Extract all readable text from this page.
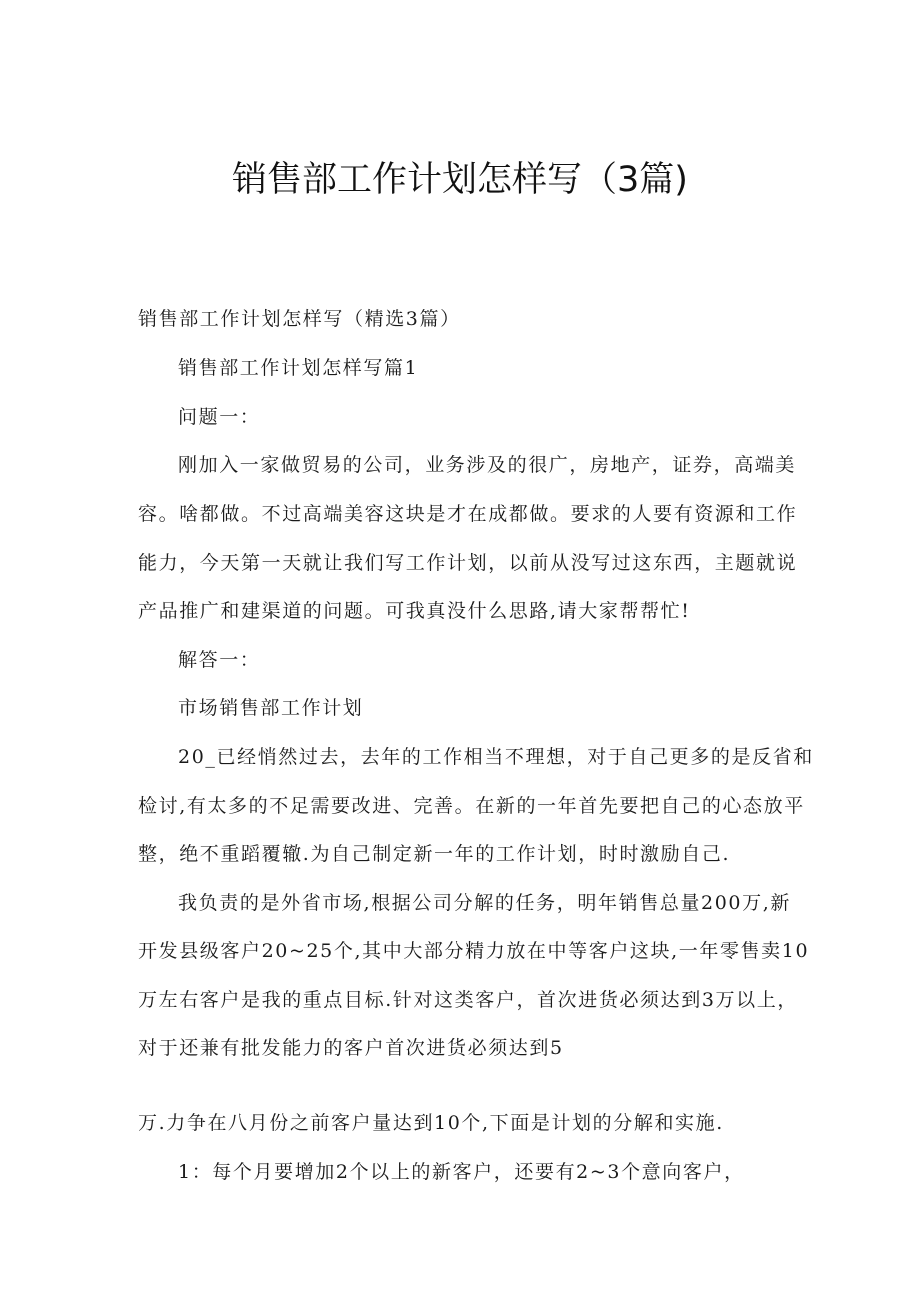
销售部工作计划怎样写（3篇)

销售部工作计划怎样写（精选3篇）

销售部工作计划怎样写篇1

问题一：

刚加入一家做贸易的公司，业务涉及的很广，房地产，证券，高端美

容。啥都做。不过高端美容这块是才在成都做。要求的人要有资源和工作

能力，今天第一天就让我们写工作计划，以前从没写过这东西，主题就说

产品推广和建渠道的问题。可我真没什么思路,请大家帮帮忙!

解答一：

市场销售部工作计划

20_已经悄然过去，去年的工作相当不理想，对于自己更多的是反省和

检讨,有太多的不足需要改进、完善。在新的一年首先要把自己的心态放平

整，绝不重蹈覆辙.为自己制定新一年的工作计划，时时激励自己.

我负责的是外省市场,根据公司分解的任务，明年销售总量200万,新

开发县级客户20~25个,其中大部分精力放在中等客户这块,一年零售卖10

万左右客户是我的重点目标.针对这类客户，首次进货必须达到3万以上，

对于还兼有批发能力的客户首次进货必须达到5

万.力争在八月份之前客户量达到10个,下面是计划的分解和实施.

1：每个月要增加2个以上的新客户，还要有2~3个意向客户，
